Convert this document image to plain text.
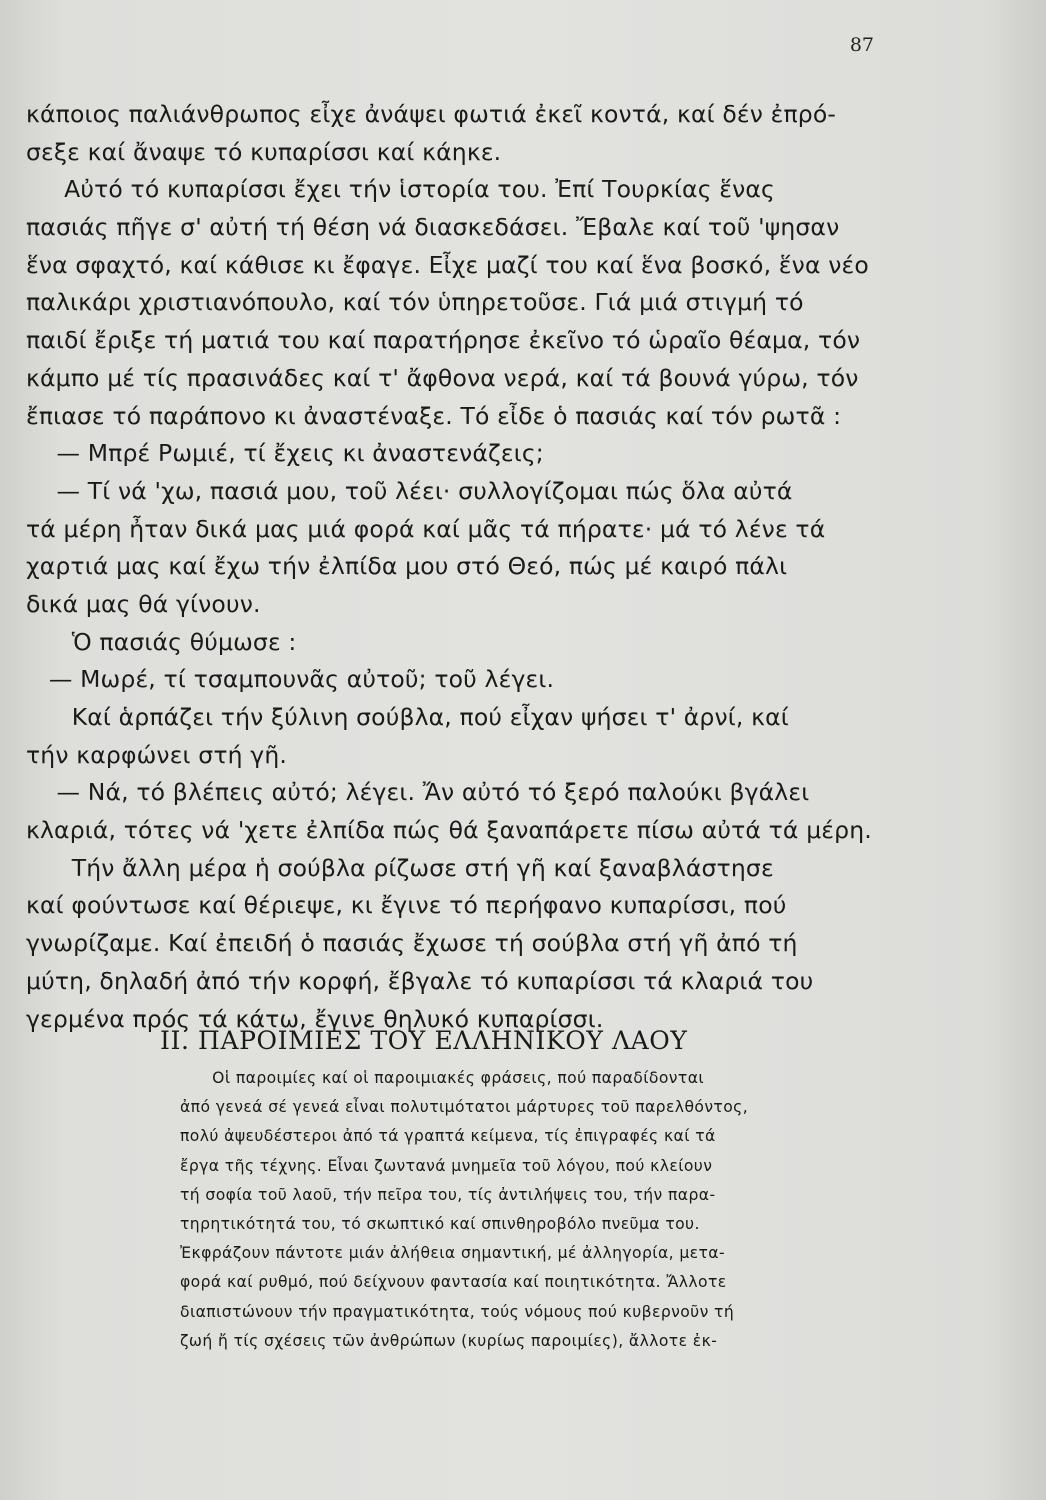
87
κάποιος παλιάνθρωπος εἶχε ἀνάψει φωτιά ἐκεῖ κοντά, καί δέν ἐπρό-
σεξε καί ἄναψε τό κυπαρίσσι καί κάηκε.
Αὐτό τό κυπαρίσσι ἔχει τήν ἱστορία του. Ἐπί Τουρκίας ἕνας
πασιάς πῆγε σ' αὐτή τή θέση νά διασκεδάσει. Ἔβαλε καί τοῦ 'ψησαν
ἕνα σφαχτό, καί κάθισε κι ἔφαγε. Εἶχε μαζί του καί ἕνα βοσκό, ἕνα νέο
παλικάρι χριστιανόπουλο, καί τόν ὑπηρετοῦσε. Γιά μιά στιγμή τό
παιδί ἔριξε τή ματιά του καί παρατήρησε ἐκεῖνο τό ὡραῖο θέαμα, τόν
κάμπο μέ τίς πρασινάδες καί τ' ἄφθονα νερά, καί τά βουνά γύρω, τόν
ἔπιασε τό παράπονο κι ἀναστέναξε. Τό εἶδε ὁ πασιάς καί τόν ρωτᾶ :
— Μπρέ Ρωμιέ, τί ἔχεις κι ἀναστενάζεις;
— Τί νά 'χω, πασιά μου, τοῦ λέει· συλλογίζομαι πώς ὅλα αὐτά
τά μέρη ἦταν δικά μας μιά φορά καί μᾶς τά πήρατε· μά τό λένε τά
χαρτιά μας καί ἔχω τήν ἐλπίδα μου στό Θεό, πώς μέ καιρό πάλι
δικά μας θά γίνουν.
Ὁ πασιάς θύμωσε :
— Μωρέ, τί τσαμπουνᾶς αὐτοῦ; τοῦ λέγει.
Καί ἁρπάζει τήν ξύλινη σούβλα, πού εἶχαν ψήσει τ' ἀρνί, καί
τήν καρφώνει στή γῆ.
— Νά, τό βλέπεις αὐτό; λέγει. Ἄν αὐτό τό ξερό παλούκι βγάλει
κλαριά, τότες νά 'χετε ἐλπίδα πώς θά ξαναπάρετε πίσω αὐτά τά μέρη.
Τήν ἄλλη μέρα ἡ σούβλα ρίζωσε στή γῆ καί ξαναβλάστησε
καί φούντωσε καί θέριεψε, κι ἔγινε τό περήφανο κυπαρίσσι, πού
γνωρίζαμε. Καί ἐπειδή ὁ πασιάς ἔχωσε τή σούβλα στή γῆ ἀπό τή
μύτη, δηλαδή ἀπό τήν κορφή, ἔβγαλε τό κυπαρίσσι τά κλαριά του
γερμένα πρός τά κάτω, ἔγινε θηλυκό κυπαρίσσι.
II. ΠΑΡΟΙΜΙΕΣ ΤΟΥ ΕΛΛΗΝΙΚΟΥ ΛΑΟΥ
Οἱ παροιμίες καί οἱ παροιμιακές φράσεις, πού παραδίδονται
ἀπό γενεά σέ γενεά εἶναι πολυτιμότατοι μάρτυρες τοῦ παρελθόντος,
πολύ ἀψευδέστεροι ἀπό τά γραπτά κείμενα, τίς ἐπιγραφές καί τά
ἔργα τῆς τέχνης. Εἶναι ζωντανά μνημεῖα τοῦ λόγου, πού κλείουν
τή σοφία τοῦ λαοῦ, τήν πεῖρα του, τίς ἀντιλήψεις του, τήν παρα-
τηρητικότητά του, τό σκωπτικό καί σπινθηροβόλο πνεῦμα του.
Ἐκφράζουν πάντοτε μιάν ἀλήθεια σημαντική, μέ ἀλληγορία, μετα-
φορά καί ρυθμό, πού δείχνουν φαντασία καί ποιητικότητα. Ἄλλοτε
διαπιστώνουν τήν πραγματικότητα, τούς νόμους πού κυβερνοῦν τή
ζωή ἤ τίς σχέσεις τῶν ἀνθρώπων (κυρίως παροιμίες), ἄλλοτε ἐκ-
